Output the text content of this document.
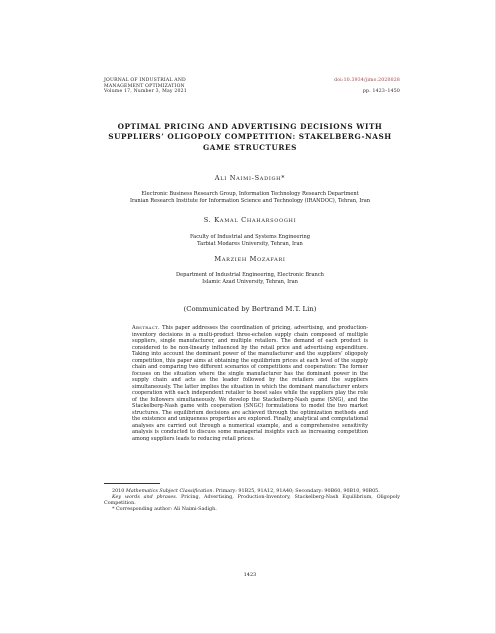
JOURNAL OF INDUSTRIAL AND
MANAGEMENT OPTIMIZATION
Volume 17, Number 3, May 2021
doi:10.3934/jimo.2020028
pp. 1423–1450
OPTIMAL PRICING AND ADVERTISING DECISIONS WITH
SUPPLIERS’ OLIGOPOLY COMPETITION: STAKELBERG-NASH
GAME STRUCTURES
Ali Naimi-Sadigh*
Electronic Business Research Group, Information Technology Research Department
Iranian Research Institute for Information Science and Technology (IRANDOC), Tehran, Iran
S. Kamal Chaharsooghi
Faculty of Industrial and Systems Engineering
Tarbiat Modares University, Tehran, Iran
Marzieh Mozafari
Department of Industrial Engineering, Electronic Branch
Islamic Azad University, Tehran, Iran
(Communicated by Bertrand M.T. Lin)
Abstract. This paper addresses the coordination of pricing, advertising, and production-inventory decisions in a multi-product three-echelon supply chain composed of multiple suppliers, single manufacturer, and multiple retailers. The demand of each product is considered to be non-linearly influenced by the retail price and advertising expenditure. Taking into account the dominant power of the manufacturer and the suppliers’ oligopoly competition, this paper aims at obtaining the equilibrium prices at each level of the supply chain and comparing two different scenarios of competitions and cooperation: The former focuses on the situation where the single manufacturer has the dominant power in the supply chain and acts as the leader followed by the retailers and the suppliers simultaneously. The latter implies the situation in which the dominant manufacturer enters cooperation with each independent retailer to boost sales while the suppliers play the role of the followers simultaneously. We develop the Stackelberg-Nash game (SNG), and the Stackelberg-Nash game with cooperation (SNGC) formulations to model the two market structures. The equilibrium decisions are achieved through the optimization methods and the existence and uniqueness properties are explored. Finally, analytical and computational analyses are carried out through a numerical example, and a comprehensive sensitivity analysis is conducted to discuss some managerial insights such as increasing competition among suppliers leads to reducing retail prices.

2010 Mathematics Subject Classification. Primary: 91B25, 91A12, 91A40; Secondary: 90B60, 90B10, 90B05.

Key words and phrases. Pricing, Advertising, Production-Inventory, Stackelberg-Nash Equilibrium, Oligopoly Competition.

* Corresponding author: Ali Naimi-Sadigh.

1423
